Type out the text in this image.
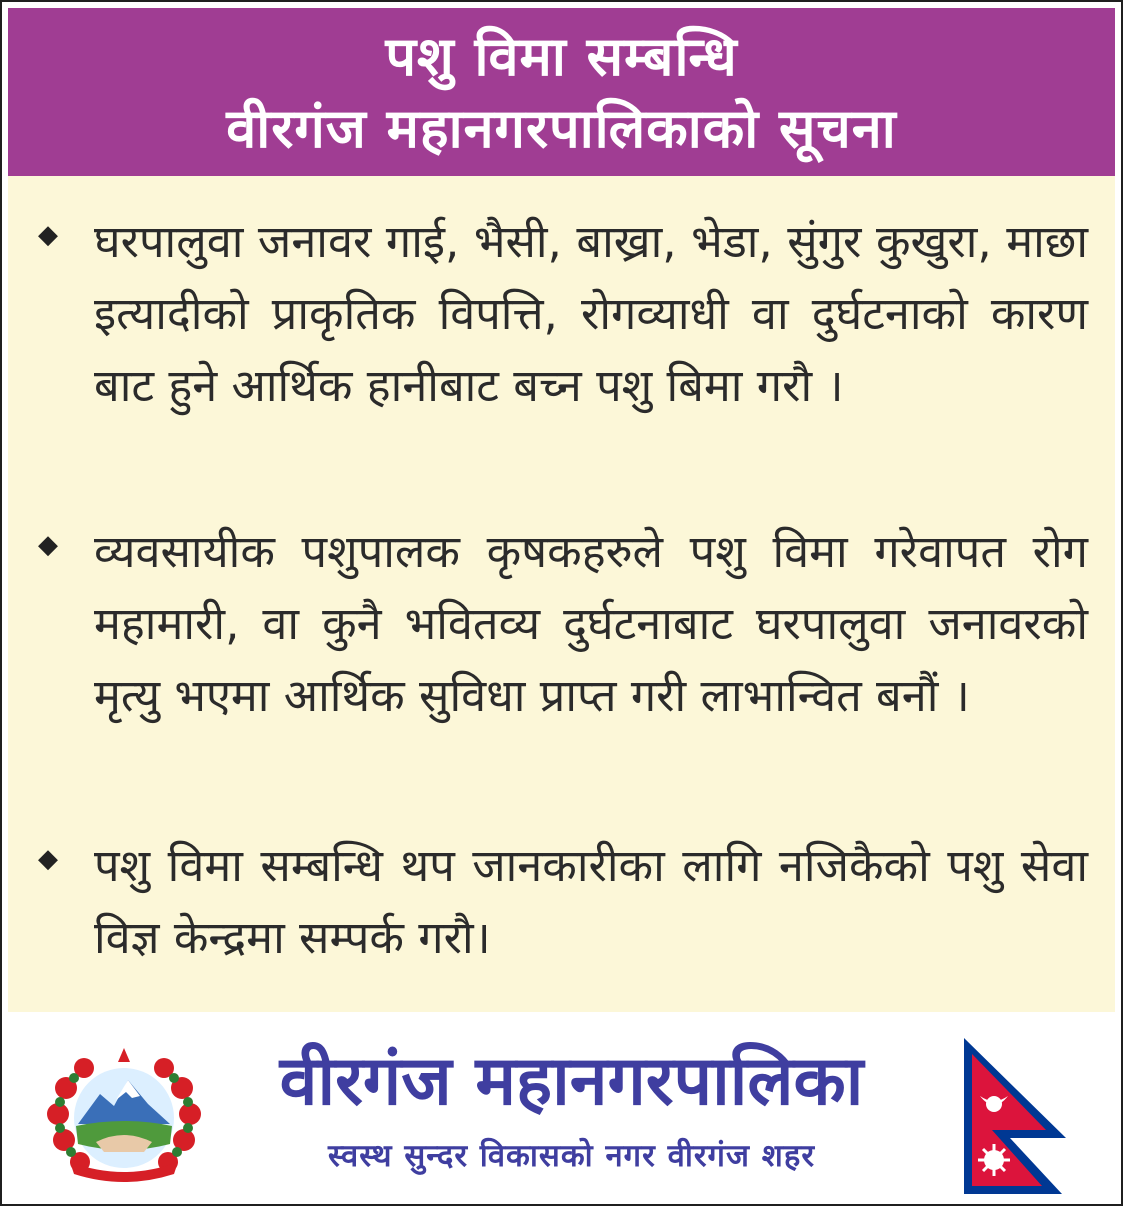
पशु विमा सम्बन्धि
वीरगंज महानगरपालिकाको सूचना
◆ घरपालुवा जनावर गाई, भैसी, बाख्रा, भेडा, सुंगुर कुखुरा, माछा इत्यादीको प्राकृतिक विपत्ति, रोगव्याधी वा दुर्घटनाको कारण बाट हुने आर्थिक हानीबाट बच्न पशु बिमा गरौ ।
◆ व्यवसायीक पशुपालक कृषकहरुले पशु विमा गरेवापत रोग महामारी, वा कुनै भवितव्य दुर्घटनाबाट घरपालुवा जनावरको मृत्यु भएमा आर्थिक सुविधा प्राप्त गरी लाभान्वित बनौं ।
◆ पशु विमा सम्बन्धि थप जानकारीका लागि नजिकैको पशु सेवा विज्ञ केन्द्रमा सम्पर्क गरौ।
वीरगंज महानगरपालिका
स्वस्थ सुन्दर विकासको नगर वीरगंज शहर
